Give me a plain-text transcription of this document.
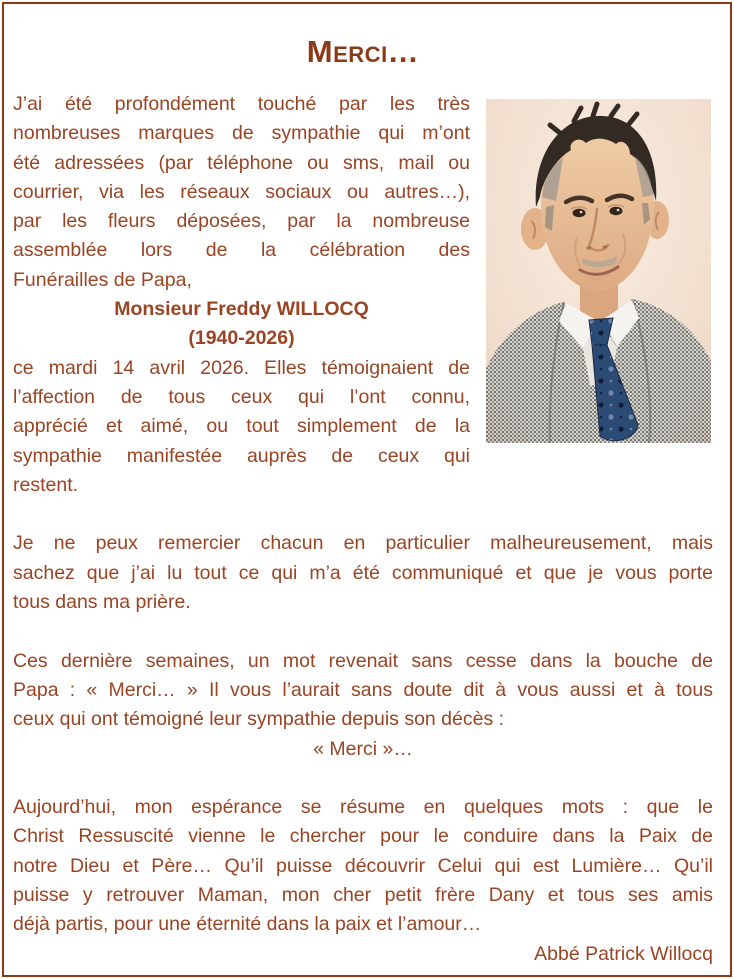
Merci…
J’ai été profondément touché par les très
nombreuses marques de sympathie qui m’ont
été adressées (par téléphone ou sms, mail ou
courrier, via les réseaux sociaux ou autres…),
par les fleurs déposées, par la nombreuse
assemblée lors de la célébration des
Funérailles de Papa,
Monsieur Freddy WILLOCQ
(1940-2026)
ce mardi 14 avril 2026. Elles témoignaient de
l’affection de tous ceux qui l’ont connu,
apprécié et aimé, ou tout simplement de la
sympathie manifestée auprès de ceux qui
restent.
Je ne peux remercier chacun en particulier malheureusement, mais
sachez que j’ai lu tout ce qui m’a été communiqué et que je vous porte
tous dans ma prière.
Ces dernière semaines, un mot revenait sans cesse dans la bouche de
Papa : « Merci… » Il vous l’aurait sans doute dit à vous aussi et à tous
ceux qui ont témoigné leur sympathie depuis son décès :
« Merci »…
Aujourd’hui, mon espérance se résume en quelques mots : que le
Christ Ressuscité vienne le chercher pour le conduire dans la Paix de
notre Dieu et Père… Qu’il puisse découvrir Celui qui est Lumière… Qu’il
puisse y retrouver Maman, mon cher petit frère Dany et tous ses amis
déjà partis, pour une éternité dans la paix et l’amour…
Abbé Patrick Willocq
